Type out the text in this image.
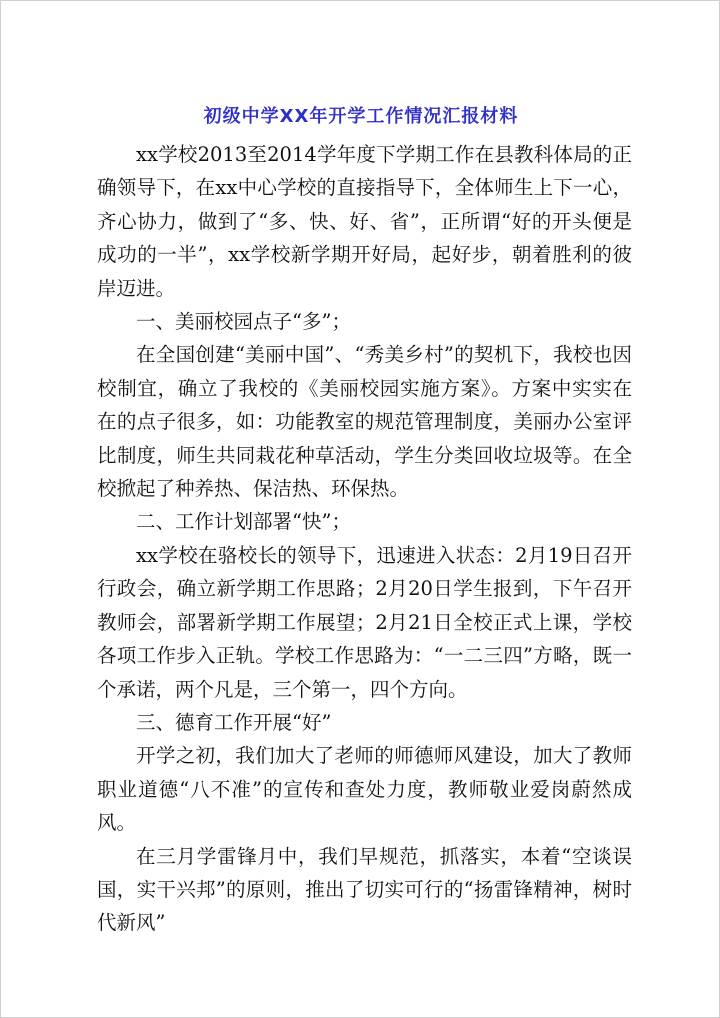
初级中学XX年开学工作情况汇报材料

xx学校2013至2014学年度下学期工作在县教科体局的正确领导下，在xx中心学校的直接指导下，全体师生上下一心，齐心协力，做到了“多、快、好、省”，正所谓“好的开头便是成功的一半”，xx学校新学期开好局，起好步，朝着胜利的彼岸迈进。

一、美丽校园点子“多”；

在全国创建“美丽中国”、“秀美乡村”的契机下，我校也因校制宜，确立了我校的《美丽校园实施方案》。方案中实实在在的点子很多，如：功能教室的规范管理制度，美丽办公室评比制度，师生共同栽花种草活动，学生分类回收垃圾等。在全校掀起了种养热、保洁热、环保热。

二、工作计划部署“快”；

xx学校在骆校长的领导下，迅速进入状态：2月19日召开行政会，确立新学期工作思路；2月20日学生报到，下午召开教师会，部署新学期工作展望；2月21日全校正式上课，学校各项工作步入正轨。学校工作思路为：“一二三四”方略，既一个承诺，两个凡是，三个第一，四个方向。

三、德育工作开展“好”

开学之初，我们加大了老师的师德师风建设，加大了教师职业道德“八不准”的宣传和查处力度，教师敬业爱岗蔚然成风。

在三月学雷锋月中，我们早规范，抓落实，本着“空谈误国，实干兴邦”的原则，推出了切实可行的“扬雷锋精神，树时代新风”
